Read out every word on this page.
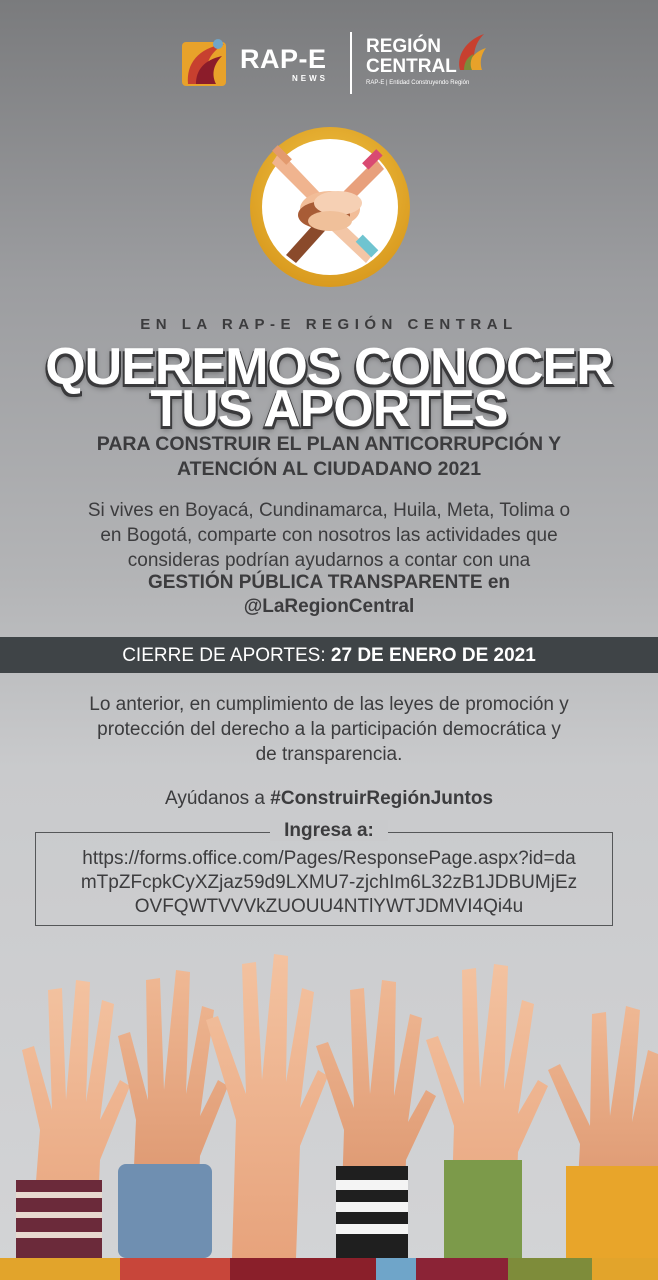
RAP-E
NEWS
REGIÓN
CENTRAL
RAP-E | Entidad Construyendo Región
EN LA RAP-E REGIÓN CENTRAL
QUEREMOS CONOCER
TUS APORTES
PARA CONSTRUIR EL PLAN ANTICORRUPCIÓN Y
ATENCIÓN AL CIUDADANO 2021
Si vives en Boyacá, Cundinamarca, Huila, Meta, Tolima o
en Bogotá, comparte con nosotros las actividades que
consideras podrían ayudarnos a contar con una
GESTIÓN PÚBLICA TRANSPARENTE en
@LaRegionCentral
CIERRE DE APORTES: 27 DE ENERO DE 2021
Lo anterior, en cumplimiento de las leyes de promoción y
protección del derecho a la participación democrática y
de transparencia.
Ayúdanos a #ConstruirRegiónJuntos
Ingresa a:
https://forms.office.com/Pages/ResponsePage.aspx?id=da
mTpZFcpkCyXZjaz59d9LXMU7-zjchIm6L32zB1JDBUMjEz
OVFQWTVVVkZUOUU4NTlYWTJDMVI4Qi4u
